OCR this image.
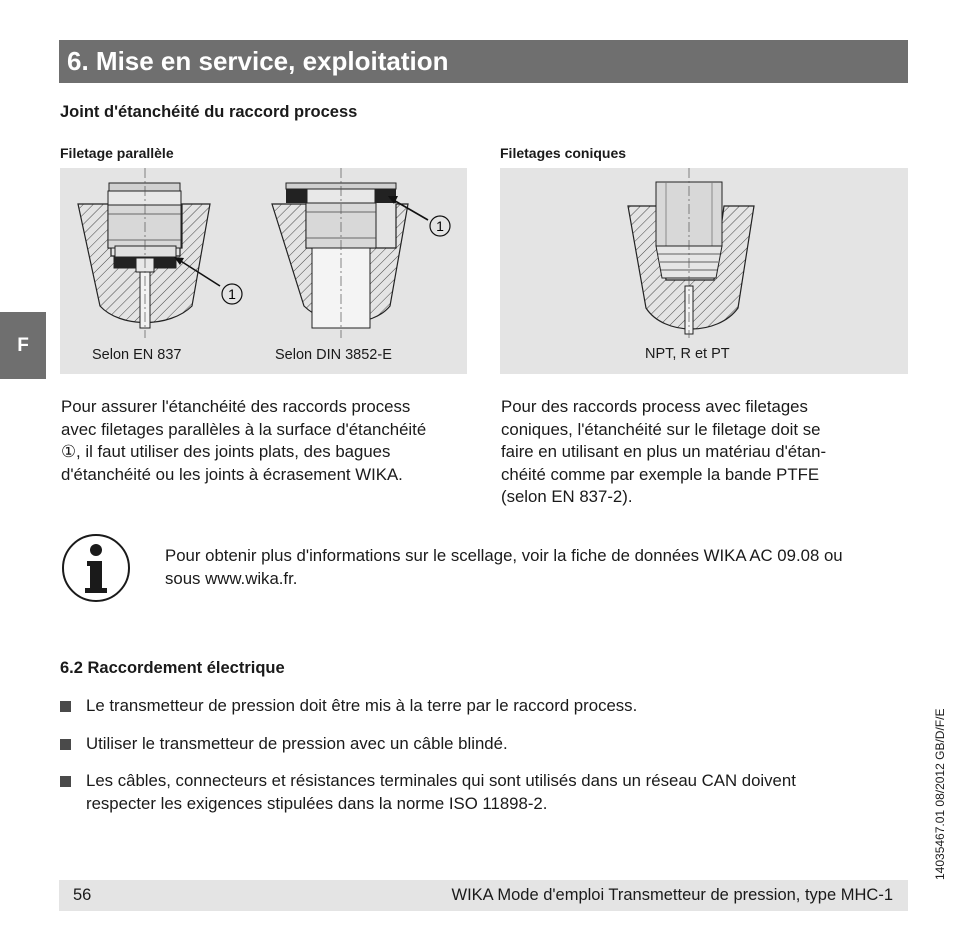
6. Mise en service, exploitation
Joint d'étanchéité du raccord process
F
Filetage parallèle
1
1
Selon EN 837	Selon DIN 3852-E
Filetages coniques
NPT, R et PT
Pour assurer l'étanchéité des raccords process
avec filetages parallèles à la surface d'étanchéité
①, il faut utiliser des joints plats, des bagues
d'étanchéité ou les joints à écrasement WIKA.
Pour des raccords process avec filetages
coniques, l'étanchéité sur le filetage doit se
faire en utilisant en plus un matériau d'étan-
chéité comme par exemple la bande PTFE
(selon EN 837-2).
Pour obtenir plus d'informations sur le scellage, voir la fiche de données WIKA AC 09.08 ou
sous www.wika.fr.
6.2 Raccordement électrique
Le transmetteur de pression doit être mis à la terre par le raccord process.
Utiliser le transmetteur de pression avec un câble blindé.
Les câbles, connecteurs et résistances terminales qui sont utilisés dans un réseau CAN doivent
respecter les exigences stipulées dans la norme ISO 11898-2.
56	WIKA Mode d'emploi Transmetteur de pression, type MHC-1
14035467.01 08/2012 GB/D/F/E
